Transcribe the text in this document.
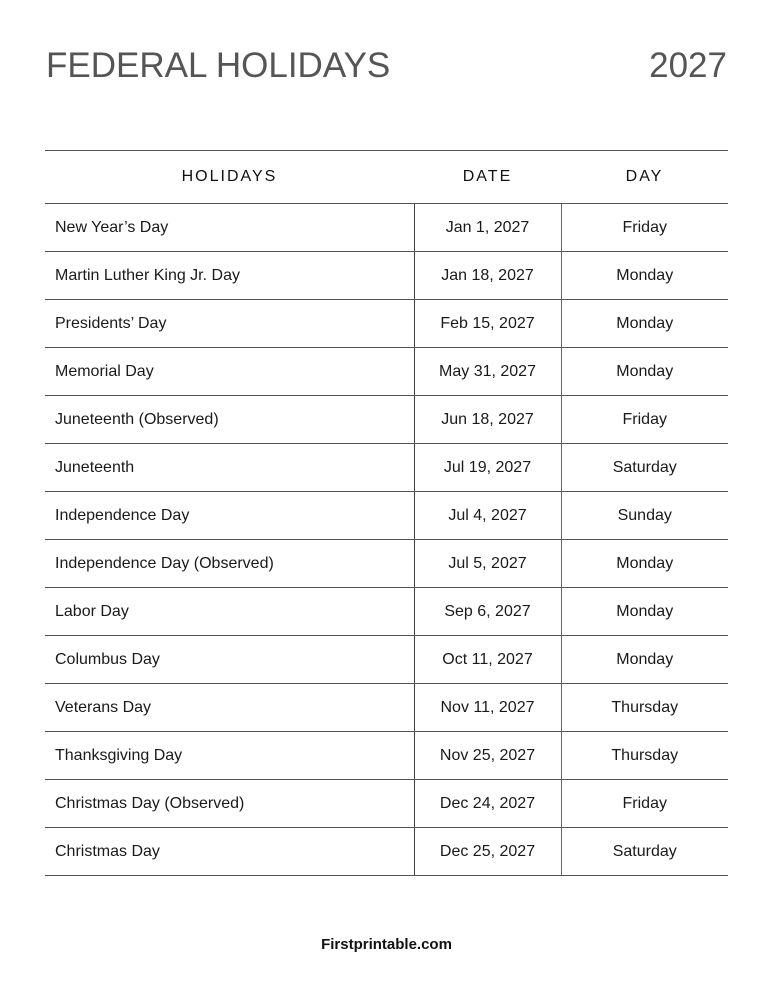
FEDERAL HOLIDAYS	2027
HOLIDAYS	DATE	DAY
New Year’s Day	Jan 1, 2027	Friday
Martin Luther King Jr. Day	Jan 18, 2027	Monday
Presidents’ Day	Feb 15, 2027	Monday
Memorial Day	May 31, 2027	Monday
Juneteenth (Observed)	Jun 18, 2027	Friday
Juneteenth	Jul 19, 2027	Saturday
Independence Day	Jul 4, 2027	Sunday
Independence Day (Observed)	Jul 5, 2027	Monday
Labor Day	Sep 6, 2027	Monday
Columbus Day	Oct 11, 2027	Monday
Veterans Day	Nov 11, 2027	Thursday
Thanksgiving Day	Nov 25, 2027	Thursday
Christmas Day (Observed)	Dec 24, 2027	Friday
Christmas Day	Dec 25, 2027	Saturday
Firstprintable.com
